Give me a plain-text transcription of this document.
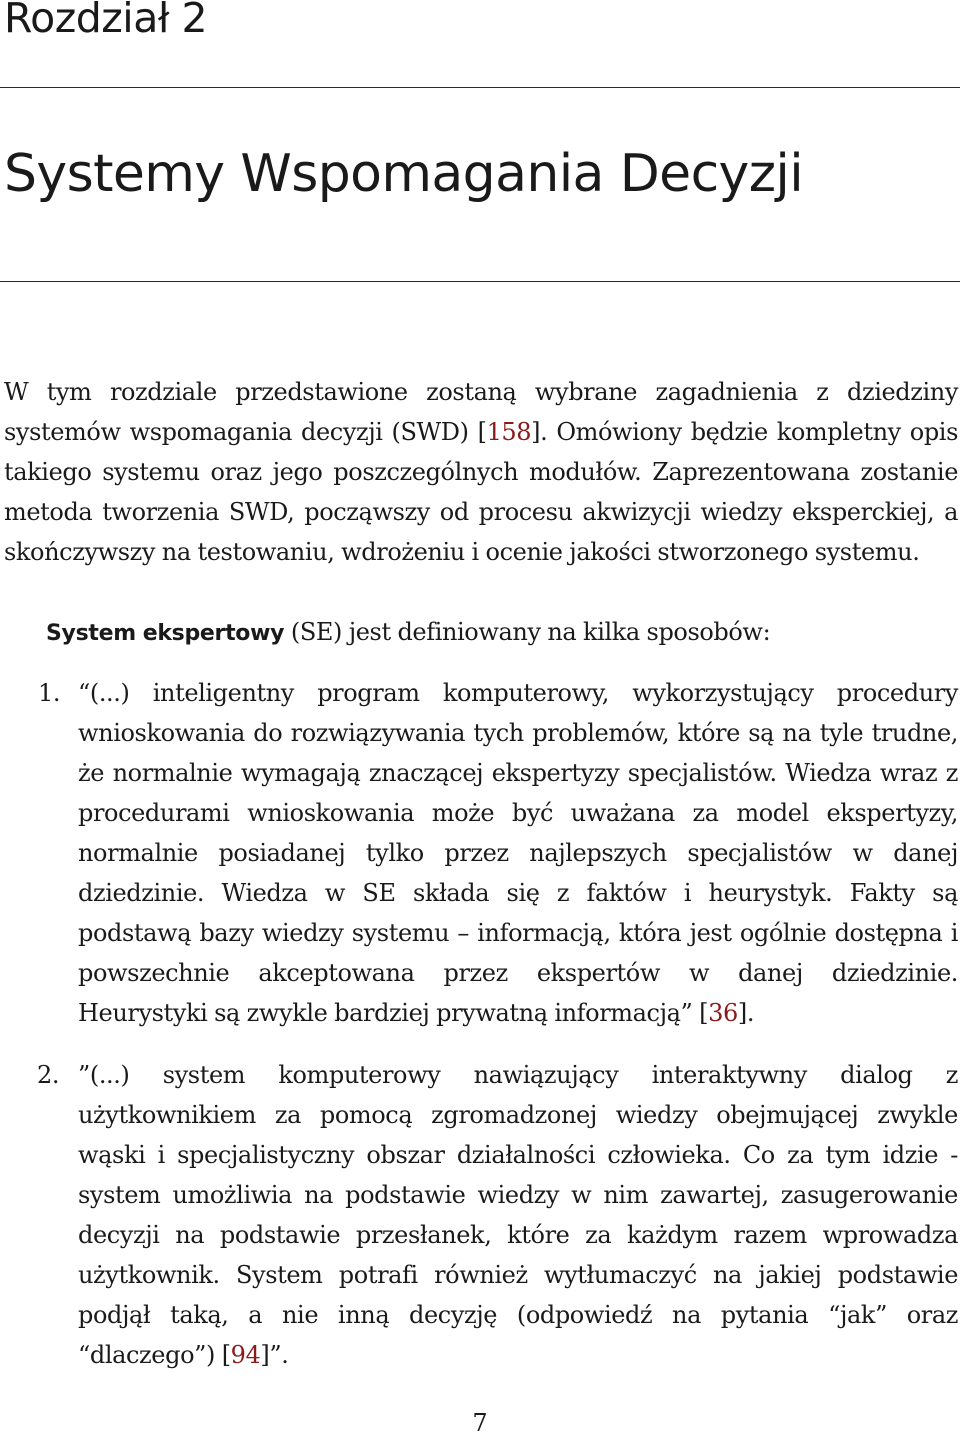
Rozdział 2
Systemy Wspomagania Decyzji

W tym rozdziale przedstawione zostaną wybrane zagadnienia z dziedziny systemów wspomagania decyzji (SWD) [158]. Omówiony będzie kompletny opis takiego systemu oraz jego poszczególnych modułów. Zaprezentowana zostanie metoda tworzenia SWD, począwszy od procesu akwizycji wiedzy eksperckiej, a skończywszy na testowaniu, wdrożeniu i ocenie jakości stworzonego systemu.

System ekspertowy (SE) jest definiowany na kilka sposobów:

1. “(...) inteligentny program komputerowy, wykorzystujący procedury wnioskowania do rozwiązywania tych problemów, które są na tyle trudne, że normalnie wymagają znaczącej ekspertyzy specjalistów. Wiedza wraz z procedurami wnioskowania może być uważana za model ekspertyzy, normalnie posiadanej tylko przez najlepszych specjalistów w danej dziedzinie. Wiedza w SE składa się z faktów i heurystyk. Fakty są podstawą bazy wiedzy systemu – informacją, która jest ogólnie dostępna i powszechnie akceptowana przez ekspertów w danej dziedzinie. Heurystyki są zwykle bardziej prywatną informacją” [36].
2. ”(...) system komputerowy nawiązujący interaktywny dialog z użytkownikiem za pomocą zgromadzonej wiedzy obejmującej zwykle wąski i specjalistyczny obszar działalności człowieka. Co za tym idzie - system umożliwia na podstawie wiedzy w nim zawartej, zasugerowanie decyzji na podstawie przesłanek, które za każdym razem wprowadza użytkownik. System potrafi również wytłumaczyć na jakiej podstawie podjął taką, a nie inną decyzję (odpowiedź na pytania “jak” oraz “dlaczego”) [94]”.
7
